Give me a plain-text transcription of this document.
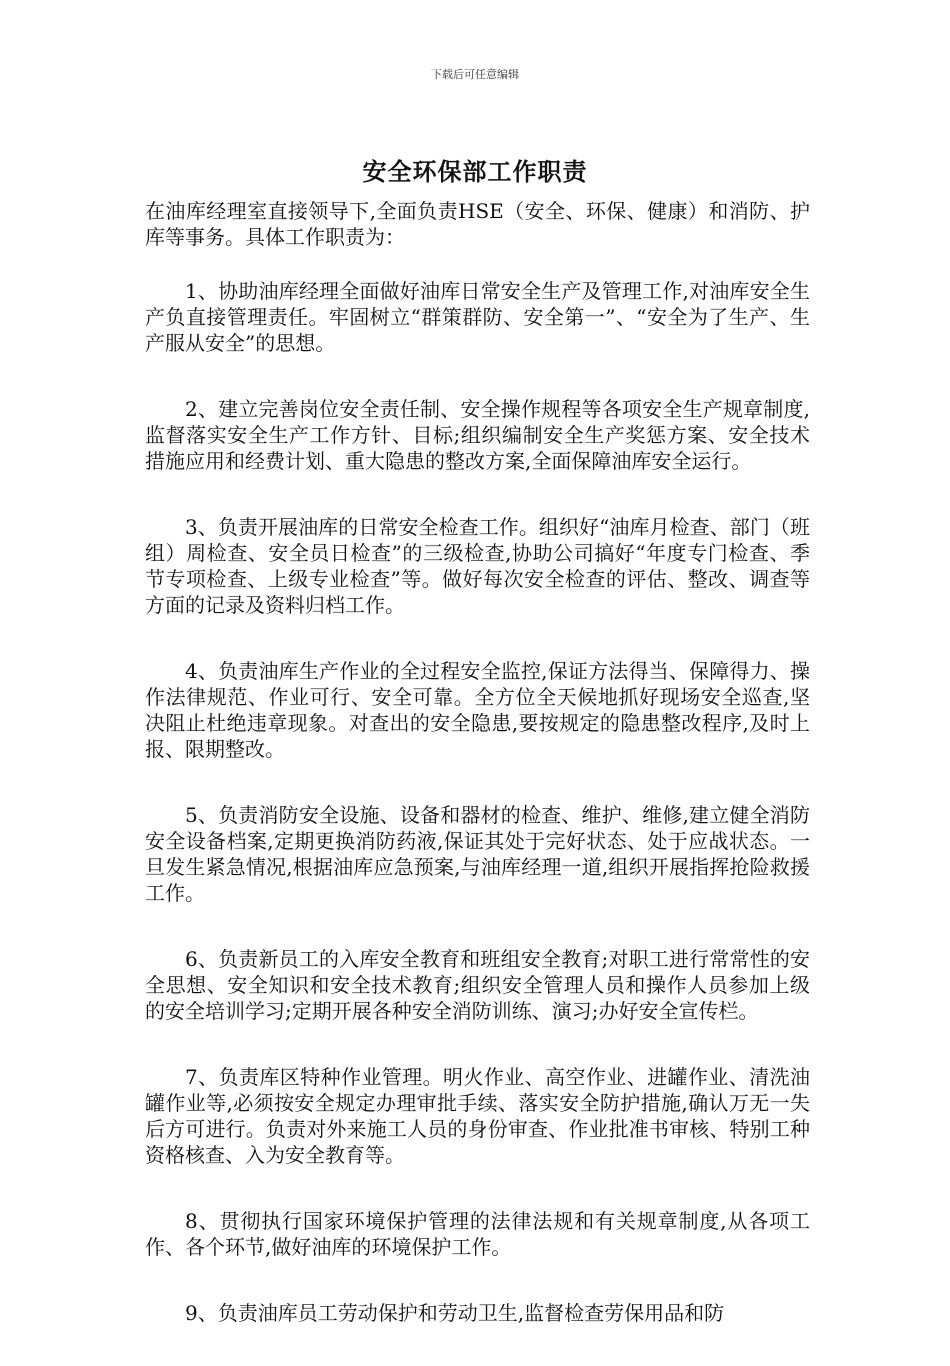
下载后可任意编辑
安全环保部工作职责

在油库经理室直接领导下,全面负责HSE（安全、环保、健康）和消防、护库等事务。具体工作职责为：

1、协助油库经理全面做好油库日常安全生产及管理工作,对油库安全生产负直接管理责任。牢固树立“群策群防、安全第一”、“安全为了生产、生产服从安全”的思想。

2、建立完善岗位安全责任制、安全操作规程等各项安全生产规章制度,监督落实安全生产工作方针、目标;组织编制安全生产奖惩方案、安全技术措施应用和经费计划、重大隐患的整改方案,全面保障油库安全运行。

3、负责开展油库的日常安全检查工作。组织好“油库月检查、部门（班组）周检查、安全员日检查”的三级检查,协助公司搞好“年度专门检查、季节专项检查、上级专业检查”等。做好每次安全检查的评估、整改、调查等方面的记录及资料归档工作。

4、负责油库生产作业的全过程安全监控,保证方法得当、保障得力、操作法律规范、作业可行、安全可靠。全方位全天候地抓好现场安全巡查,坚决阻止杜绝违章现象。对查出的安全隐患,要按规定的隐患整改程序,及时上报、限期整改。

5、负责消防安全设施、设备和器材的检查、维护、维修,建立健全消防安全设备档案,定期更换消防药液,保证其处于完好状态、处于应战状态。一旦发生紧急情况,根据油库应急预案,与油库经理一道,组织开展指挥抢险救援工作。

6、负责新员工的入库安全教育和班组安全教育;对职工进行常常性的安全思想、安全知识和安全技术教育;组织安全管理人员和操作人员参加上级的安全培训学习;定期开展各种安全消防训练、演习;办好安全宣传栏。

7、负责库区特种作业管理。明火作业、高空作业、进罐作业、清洗油罐作业等,必须按安全规定办理审批手续、落实安全防护措施,确认万无一失后方可进行。负责对外来施工人员的身份审查、作业批准书审核、特别工种资格核查、入为安全教育等。

8、贯彻执行国家环境保护管理的法律法规和有关规章制度,从各项工作、各个环节,做好油库的环境保护工作。

9、负责油库员工劳动保护和劳动卫生,监督检查劳保用品和防
